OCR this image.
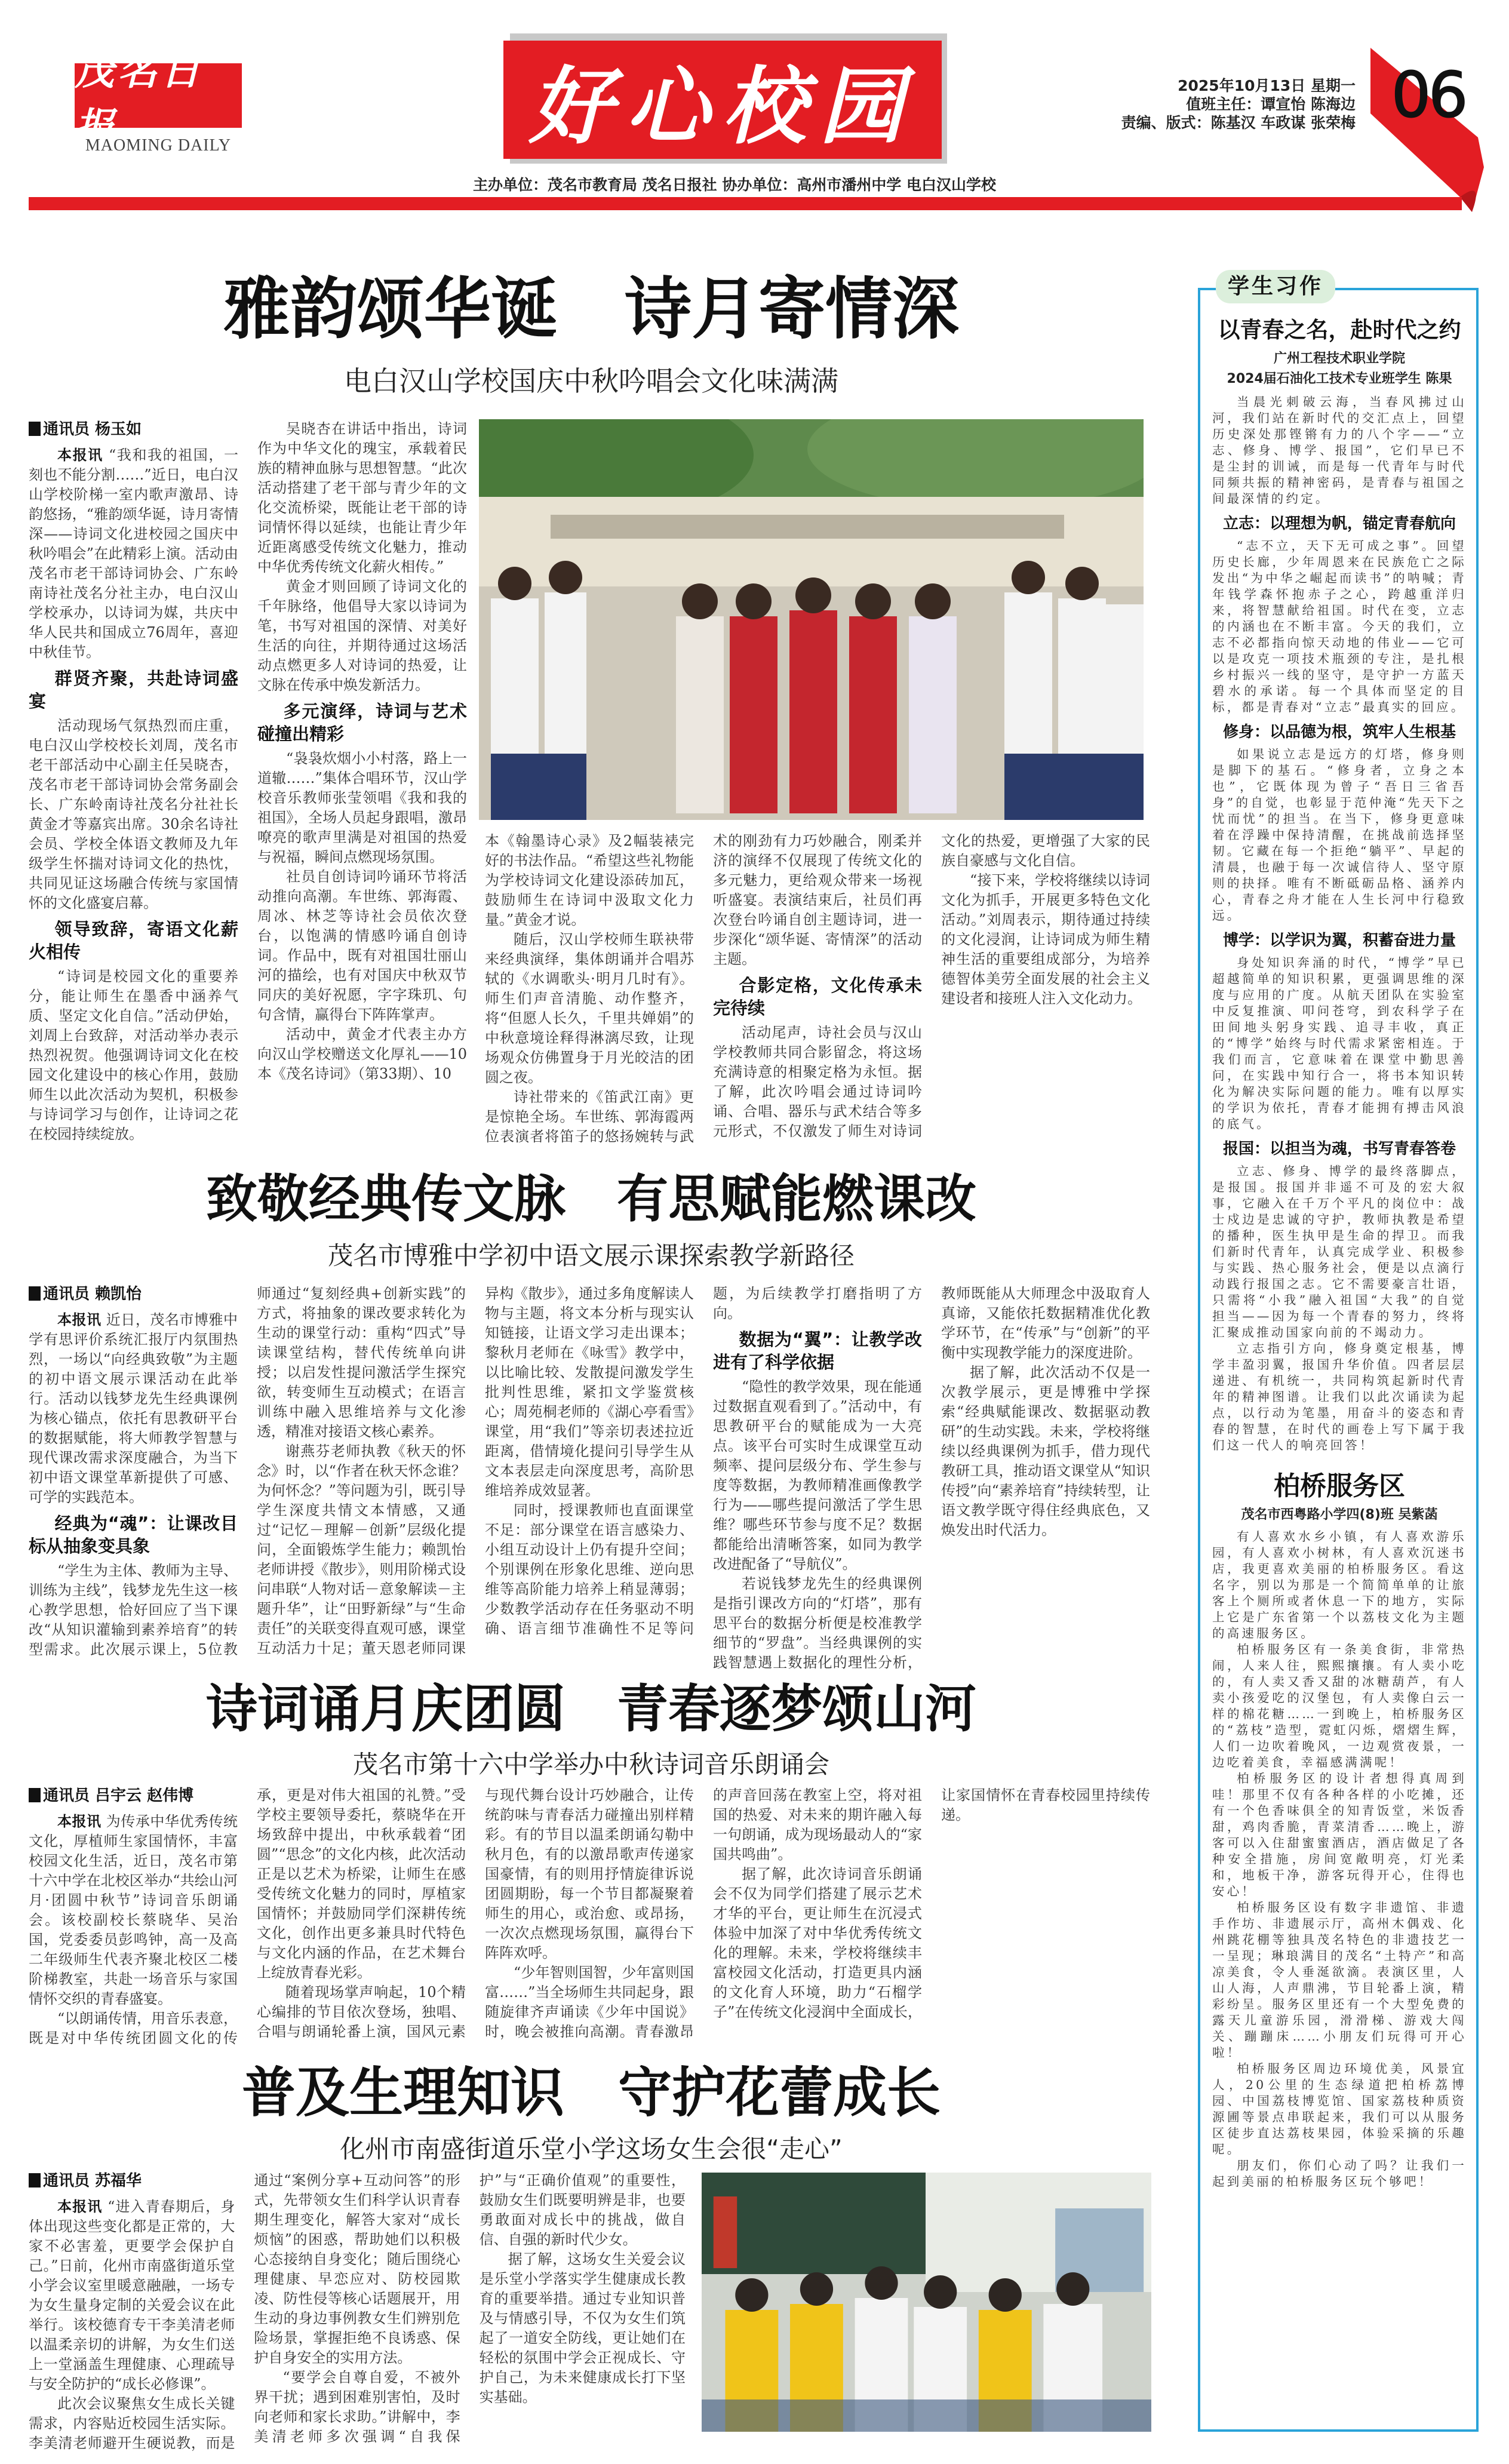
茂名日报
MAOMING DAILY	好心校园	2025年10月13日 星期一
值班主任：谭宣怡 陈海边
责编、版式：陈基汉 车政谋 张荣梅 06
主办单位：茂名市教育局 茂名日报社 协办单位：高州市潘州中学 电白汉山学校
雅韵颂华诞 诗月寄情深
电白汉山学校国庆中秋吟唱会文化味满满
通讯员 杨玉如

本报讯 “我和我的祖国，一刻也不能分割……”近日，电白汉山学校阶梯一室内歌声激昂、诗韵悠扬，“雅韵颂华诞，诗月寄情深——诗词文化进校园之国庆中秋吟唱会”在此精彩上演。活动由茂名市老干部诗词协会、广东岭南诗社茂名分社主办，电白汉山学校承办，以诗词为媒，共庆中华人民共和国成立76周年，喜迎中秋佳节。

群贤齐聚，共赴诗词盛宴

活动现场气氛热烈而庄重，电白汉山学校校长刘周，茂名市老干部活动中心副主任吴晓杏，茂名市老干部诗词协会常务副会长、广东岭南诗社茂名分社社长黄金才等嘉宾出席。30余名诗社会员、学校全体语文教师及九年级学生怀揣对诗词文化的热忱，共同见证这场融合传统与家国情怀的文化盛宴启幕。

领导致辞，寄语文化薪火相传

“诗词是校园文化的重要养分，能让师生在墨香中涵养气质、坚定文化自信。”活动伊始，刘周上台致辞，对活动举办表示热烈祝贺。他强调诗词文化在校园文化建设中的核心作用，鼓励师生以此次活动为契机，积极参与诗词学习与创作，让诗词之花在校园持续绽放。

吴晓杏在讲话中指出，诗词作为中华文化的瑰宝，承载着民族的精神血脉与思想智慧。“此次活动搭建了老干部与青少年的文化交流桥梁，既能让老干部的诗词情怀得以延续，也能让青少年近距离感受传统文化魅力，推动中华优秀传统文化薪火相传。”

黄金才则回顾了诗词文化的千年脉络，他倡导大家以诗词为笔，书写对祖国的深情、对美好生活的向往，并期待通过这场活动点燃更多人对诗词的热爱，让文脉在传承中焕发新活力。

多元演绎，诗词与艺术碰撞出精彩

“袅袅炊烟小小村落，路上一道辙……”集体合唱环节，汉山学校音乐教师张莹领唱《我和我的祖国》，全场人员起身跟唱，激昂嘹亮的歌声里满是对祖国的热爱与祝福，瞬间点燃现场氛围。

社员自创诗词吟诵环节将活动推向高潮。车世练、郭海霞、周冰、林芝等诗社会员依次登台，以饱满的情感吟诵自创诗词。作品中，既有对祖国壮丽山河的描绘，也有对国庆中秋双节同庆的美好祝愿，字字珠玑、句句含情，赢得台下阵阵掌声。

活动中，黄金才代表主办方向汉山学校赠送文化厚礼——10本《茂名诗词》（第33期）、10

本《翰墨诗心录》及2幅装裱完好的书法作品。“希望这些礼物能为学校诗词文化建设添砖加瓦，鼓励师生在诗词中汲取文化力量。”黄金才说。

随后，汉山学校师生联袂带来经典演绎，集体朗诵并合唱苏轼的《水调歌头·明月几时有》。师生们声音清脆、动作整齐，将“但愿人长久，千里共婵娟”的中秋意境诠释得淋漓尽致，让现场观众仿佛置身于月光皎洁的团圆之夜。

诗社带来的《笛武江南》更是惊艳全场。车世练、郭海霞两位表演者将笛子的悠扬婉转与武术的刚劲有力巧妙融合，刚柔并济的演绎不仅展现了传统文化的多元魅力，更给观众带来一场视听盛宴。表演结束后，社员们再次登台吟诵自创主题诗词，进一步深化“颂华诞、寄情深”的活动主题。

合影定格，文化传承未完待续

活动尾声，诗社会员与汉山学校教师共同合影留念，将这场充满诗意的相聚定格为永恒。据了解，此次吟唱会通过诗词吟诵、合唱、器乐与武术结合等多元形式，不仅激发了师生对诗词文化的热爱，更增强了大家的民族自豪感与文化自信。

“接下来，学校将继续以诗词文化为抓手，开展更多特色文化活动。”刘周表示，期待通过持续的文化浸润，让诗词成为师生精神生活的重要组成部分，为培养德智体美劳全面发展的社会主义建设者和接班人注入文化动力。

致敬经典传文脉 有思赋能燃课改
茂名市博雅中学初中语文展示课探索教学新路径
通讯员 赖凯怡

本报讯 近日，茂名市博雅中学有思评价系统汇报厅内氛围热烈，一场以“向经典致敬”为主题的初中语文展示课活动在此举行。活动以钱梦龙先生经典课例为核心锚点，依托有思教研平台的数据赋能，将大师教学智慧与现代课改需求深度融合，为当下初中语文课堂革新提供了可感、可学的实践范本。

经典为“魂”：让课改目标从抽象变具象

“学生为主体、教师为主导、训练为主线”，钱梦龙先生这一核心教学思想，恰好回应了当下课改“从知识灌输到素养培育”的转型需求。此次展示课上，5位教师通过“复刻经典+创新实践”的方式，将抽象的课改要求转化为生动的课堂行动：重构“四式”导读课堂结构，替代传统单向讲授；以启发性提问激活学生探究欲，转变师生互动模式；在语言训练中融入思维培养与文化渗透，精准对接语文核心素养。

谢燕芬老师执教《秋天的怀念》时，以“作者在秋天怀念谁？为何怀念？”等问题为引，既引导学生深度共情文本情感，又通过“记忆－理解－创新”层级化提问，全面锻炼学生能力；赖凯怡老师讲授《散步》，则用阶梯式设问串联“人物对话－意象解读－主题升华”，让“田野新绿”与“生命责任”的关联变得直观可感，课堂互动活力十足；董天恩老师同课异构《散步》，通过多角度解读人物与主题，将文本分析与现实认知链接，让语文学习走出课本；黎秋月老师在《咏雪》教学中，以比喻比较、发散提问激发学生批判性思维，紧扣文学鉴赏核心；周苑桐老师的《湖心亭看雪》课堂，用“我们”等亲切表述拉近距离，借情境化提问引导学生从文本表层走向深度思考，高阶思维培养成效显著。

同时，授课教师也直面课堂不足：部分课堂在语言感染力、小组互动设计上仍有提升空间；个别课例在形象化思维、逆向思维等高阶能力培养上稍显薄弱；少数教学活动存在任务驱动不明确、语言细节准确性不足等问题，为后续教学打磨指明了方向。

数据为“翼”：让教学改进有了科学依据

“隐性的教学效果，现在能通过数据直观看到了。”活动中，有思教研平台的赋能成为一大亮点。该平台可实时生成课堂互动频率、提问层级分布、学生参与度等数据，为教师精准画像教学行为——哪些提问激活了学生思维？哪些环节参与度不足？数据都能给出清晰答案，如同为教学改进配备了“导航仪”。

若说钱梦龙先生的经典课例是指引课改方向的“灯塔”，那有思平台的数据分析便是校准教学细节的“罗盘”。当经典课例的实践智慧遇上数据化的理性分析，教师既能从大师理念中汲取育人真谛，又能依托数据精准优化教学环节，在“传承”与“创新”的平衡中实现教学能力的深度进阶。

据了解，此次活动不仅是一次教学展示，更是博雅中学探索“经典赋能课改、数据驱动教研”的生动实践。未来，学校将继续以经典课例为抓手，借力现代教研工具，推动语文课堂从“知识传授”向“素养培育”持续转型，让语文教学既守得住经典底色，又焕发出时代活力。

诗词诵月庆团圆 青春逐梦颂山河
茂名市第十六中学举办中秋诗词音乐朗诵会
通讯员 吕宇云 赵伟博

本报讯 为传承中华优秀传统文化，厚植师生家国情怀，丰富校园文化生活，近日，茂名市第十六中学在北校区举办“共绘山河月·团圆中秋节”诗词音乐朗诵会。该校副校长蔡晓华、吴治国，党委委员彭鸣钟，高一及高二年级师生代表齐聚北校区二楼阶梯教室，共赴一场音乐与家国情怀交织的青春盛宴。

“以朗诵传情，用音乐表意，既是对中华传统团圆文化的传承，更是对伟大祖国的礼赞。”受学校主要领导委托，蔡晓华在开场致辞中提出，中秋承载着“团圆”“思念”的文化内核，此次活动正是以艺术为桥梁，让师生在感受传统文化魅力的同时，厚植家国情怀；并鼓励同学们深耕传统文化，创作出更多兼具时代特色与文化内涵的作品，在艺术舞台上绽放青春光彩。

随着现场掌声响起，10个精心编排的节目依次登场，独唱、合唱与朗诵轮番上演，国风元素与现代舞台设计巧妙融合，让传统韵味与青春活力碰撞出别样精彩。有的节目以温柔朗诵勾勒中秋月色，有的以激昂歌声传递家国豪情，有的则用抒情旋律诉说团圆期盼，每一个节目都凝聚着师生的用心，或治愈、或昂扬，一次次点燃现场氛围，赢得台下阵阵欢呼。

“少年智则国智，少年富则国富……”当全场师生共同起身，跟随旋律齐声诵读《少年中国说》时，晚会被推向高潮。青春激昂的声音回荡在教室上空，将对祖国的热爱、对未来的期许融入每一句朗诵，成为现场最动人的“家国共鸣曲”。

据了解，此次诗词音乐朗诵会不仅为同学们搭建了展示艺术才华的平台，更让师生在沉浸式体验中加深了对中华优秀传统文化的理解。未来，学校将继续丰富校园文化活动，打造更具内涵的文化育人环境，助力“石榴学子”在传统文化浸润中全面成长，让家国情怀在青春校园里持续传递。

普及生理知识 守护花蕾成长
化州市南盛街道乐堂小学这场女生会很“走心”
通讯员 苏福华

本报讯 “进入青春期后，身体出现这些变化都是正常的，大家不必害羞，更要学会保护自己。”日前，化州市南盛街道乐堂小学会议室里暖意融融，一场专为女生量身定制的关爱会议在此举行。该校德育专干李美清老师以温柔亲切的讲解，为女生们送上一堂涵盖生理健康、心理疏导与安全防护的“成长必修课”。

此次会议聚焦女生成长关键需求，内容贴近校园生活实际。李美清老师避开生硬说教，而是通过“案例分享+互动问答”的形式，先带领女生们科学认识青春期生理变化，解答大家对“成长烦恼”的困惑，帮助她们以积极心态接纳自身变化；随后围绕心理健康、早恋应对、防校园欺凌、防性侵等核心话题展开，用生动的身边事例教女生们辨别危险场景，掌握拒绝不良诱惑、保护自身安全的实用方法。

“要学会自尊自爱，不被外界干扰；遇到困难别害怕，及时向老师和家长求助。”讲解中，李美清老师多次强调“自我保护”与“正确价值观”的重要性，鼓励女生们既要明辨是非，也要勇敢面对成长中的挑战，做自信、自强的新时代少女。

据了解，这场女生关爱会议是乐堂小学落实学生健康成长教育的重要举措。通过专业知识普及与情感引导，不仅为女生们筑起了一道安全防线，更让她们在轻松的氛围中学会正视成长、守护自己，为未来健康成长打下坚实基础。

学生习作
以青春之名，赴时代之约
广州工程技术职业学院
2024届石油化工技术专业班学生 陈果

当晨光刺破云海，当春风拂过山河，我们站在新时代的交汇点上，回望历史深处那铿锵有力的八个字——“立志、修身、博学、报国”，它们早已不是尘封的训诫，而是每一代青年与时代同频共振的精神密码，是青春与祖国之间最深情的约定。

立志：以理想为帆，锚定青春航向

“志不立，天下无可成之事”。回望历史长廊，少年周恩来在民族危亡之际发出“为中华之崛起而读书”的呐喊；青年钱学森怀抱赤子之心，跨越重洋归来，将智慧献给祖国。时代在变，立志的内涵也在不断丰富。今天的我们，立志不必都指向惊天动地的伟业——它可以是攻克一项技术瓶颈的专注，是扎根乡村振兴一线的坚守，是守护一方蓝天碧水的承诺。每一个具体而坚定的目标，都是青春对“立志”最真实的回应。

修身：以品德为根，筑牢人生根基

如果说立志是远方的灯塔，修身则是脚下的基石。“修身者，立身之本也”，它既体现为曾子“吾日三省吾身”的自觉，也彰显于范仲淹“先天下之忧而忧”的担当。在当下，修身更意味着在浮躁中保持清醒，在挑战前选择坚韧。它藏在每一个拒绝“躺平”、早起的清晨，也融于每一次诚信待人、坚守原则的抉择。唯有不断砥砺品格、涵养内心，青春之舟才能在人生长河中行稳致远。

博学：以学识为翼，积蓄奋进力量

身处知识奔涌的时代，“博学”早已超越简单的知识积累，更强调思维的深度与应用的广度。从航天团队在实验室中反复推演、叩问苍穹，到农科学子在田间地头躬身实践、追寻丰收，真正的“博学”始终与时代需求紧密相连。于我们而言，它意味着在课堂中勤思善问，在实践中知行合一，将书本知识转化为解决实际问题的能力。唯有以厚实的学识为依托，青春才能拥有搏击风浪的底气。

报国：以担当为魂，书写青春答卷

立志、修身、博学的最终落脚点，是报国。报国并非遥不可及的宏大叙事，它融入在千万个平凡的岗位中：战士戍边是忠诚的守护，教师执教是希望的播种，医生执甲是生命的捍卫。而我们新时代青年，认真完成学业、积极参与实践、热心服务社会，便是以点滴行动践行报国之志。它不需要豪言壮语，只需将“小我”融入祖国“大我”的自觉担当——因为每一个青春的努力，终将汇聚成推动国家向前的不竭动力。

立志指引方向，修身奠定根基，博学丰盈羽翼，报国升华价值。四者层层递进、有机统一，共同构筑起新时代青年的精神图谱。让我们以此次诵读为起点，以行动为笔墨，用奋斗的姿态和青春的智慧，在时代的画卷上写下属于我们这一代人的响亮回答！

柏桥服务区
茂名市西粤路小学四(8)班 吴紫菡

有人喜欢水乡小镇，有人喜欢游乐园，有人喜欢小树林，有人喜欢沉迷书店，我更喜欢美丽的柏桥服务区。看这名字，别以为那是一个简简单单的让旅客上个厕所或者休息一下的地方，实际上它是广东省第一个以荔枝文化为主题的高速服务区。

柏桥服务区有一条美食街，非常热闹，人来人往，熙熙攘攘。有人卖小吃的，有人卖又香又甜的冰糖葫芦，有人卖小孩爱吃的汉堡包，有人卖像白云一样的棉花糖……一到晚上，柏桥服务区的“荔枝”造型，霓虹闪烁，熠熠生辉，人们一边吹着晚风，一边观赏夜景，一边吃着美食，幸福感满满呢！

柏桥服务区的设计者想得真周到哇！那里不仅有各种各样的小吃摊，还有一个色香味俱全的知青饭堂，米饭香甜，鸡肉香脆，青菜清香……晚上，游客可以入住甜蜜蜜酒店，酒店做足了各种安全措施，房间宽敞明亮，灯光柔和，地板干净，游客玩得开心，住得也安心！

柏桥服务区设有数字非遗馆、非遗手作坊、非遗展示厅，高州木偶戏、化州跳花棚等独具茂名特色的非遗技艺一一呈现；琳琅满目的茂名“土特产”和高凉美食，令人垂涎欲滴。表演区里，人山人海，人声鼎沸，节目轮番上演，精彩纷呈。服务区里还有一个大型免费的露天儿童游乐园，滑滑梯、游戏大闯关、蹦蹦床……小朋友们玩得可开心啦！

柏桥服务区周边环境优美，风景宜人，20公里的生态绿道把柏桥荔博园、中国荔枝博览馆、国家荔枝种质资源圃等景点串联起来，我们可以从服务区徒步直达荔枝果园，体验采摘的乐趣呢。

朋友们，你们心动了吗？让我们一起到美丽的柏桥服务区玩个够吧！
